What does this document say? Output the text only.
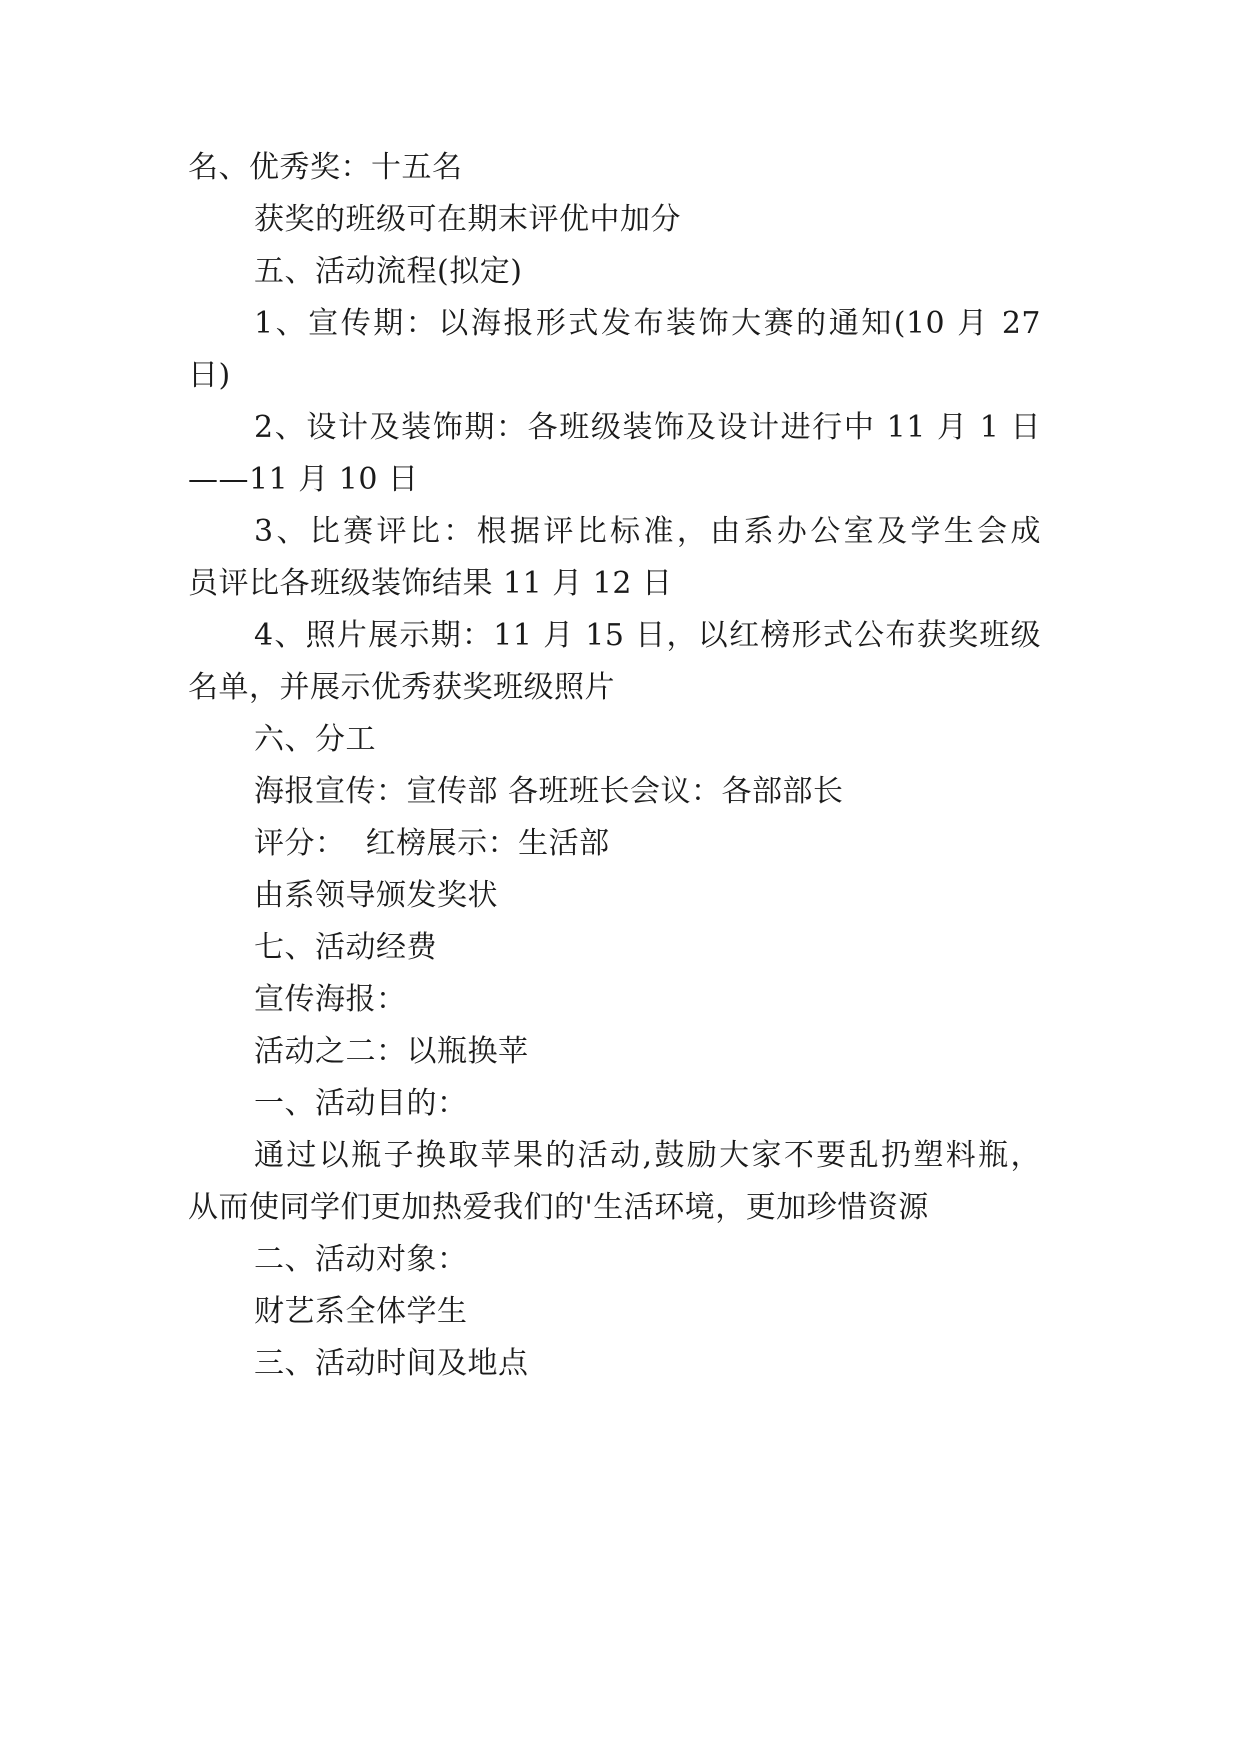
名、优秀奖：十五名

获奖的班级可在期末评优中加分

五、活动流程(拟定)

1、宣传期：以海报形式发布装饰大赛的通知(10 月 27

日)

2、设计及装饰期：各班级装饰及设计进行中 11 月 1 日

——11 月 10 日

3、比赛评比：根据评比标准，由系办公室及学生会成

员评比各班级装饰结果 11 月 12 日

4、照片展示期：11 月 15 日，以红榜形式公布获奖班级

名单，并展示优秀获奖班级照片

六、分工

海报宣传：宣传部 各班班长会议：各部部长

评分：  红榜展示：生活部

由系领导颁发奖状

七、活动经费

宣传海报：

活动之二：以瓶换苹

一、活动目的：

通过以瓶子换取苹果的活动,鼓励大家不要乱扔塑料瓶，

从而使同学们更加热爱我们的'生活环境，更加珍惜资源

二、活动对象：

财艺系全体学生

三、活动时间及地点
